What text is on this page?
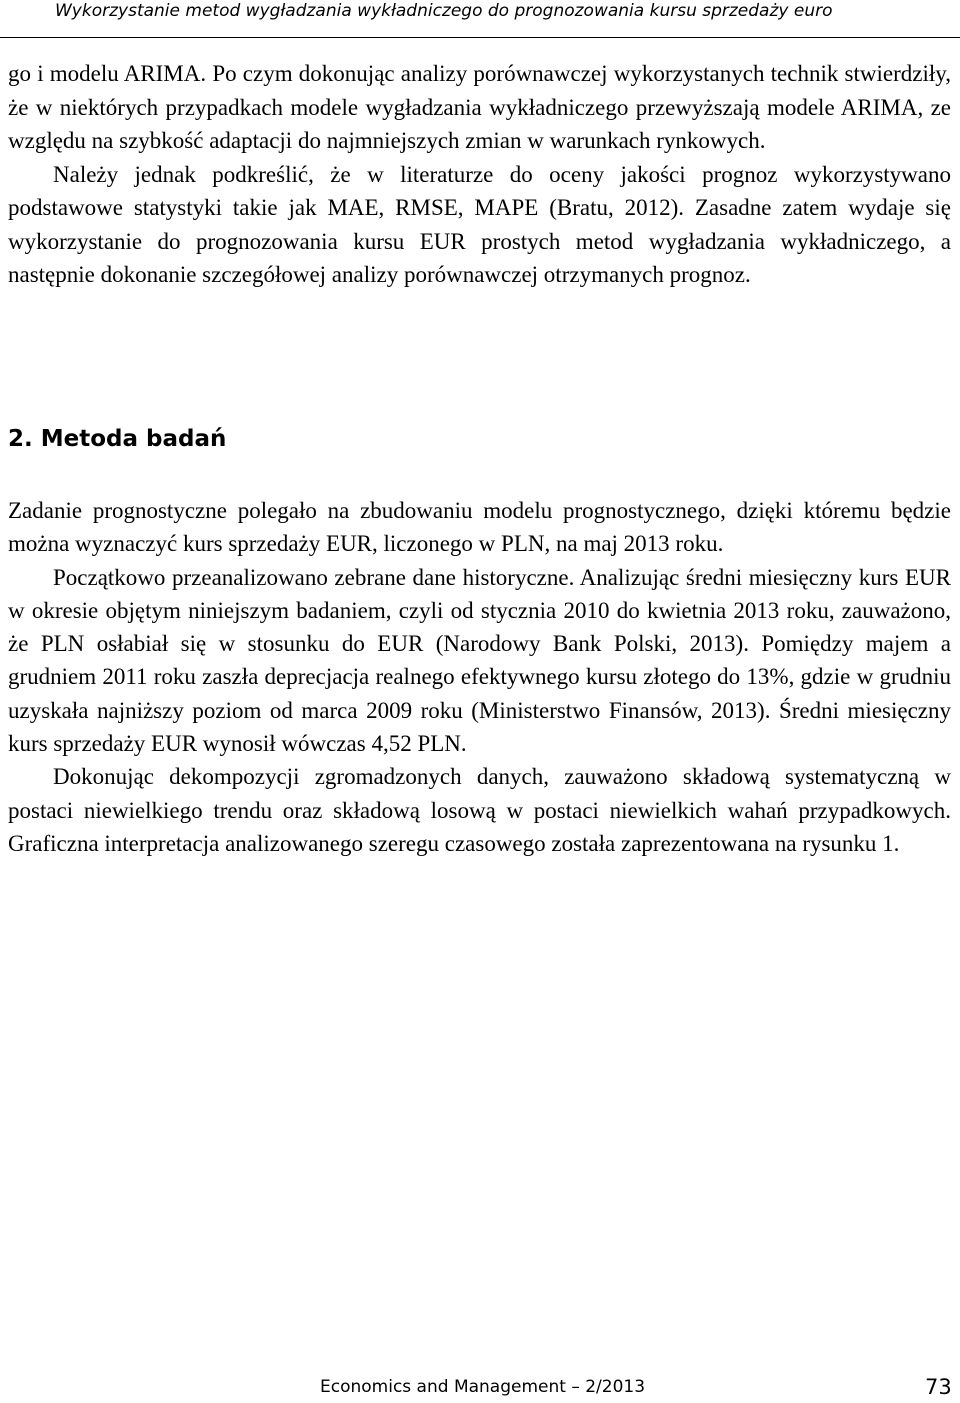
Wykorzystanie metod wygładzania wykładniczego do prognozowania kursu sprzedaży euro

go i modelu ARIMA. Po czym dokonując analizy porównawczej wykorzystanych technik stwierdziły, że w niektórych przypadkach modele wygładzania wykładniczego przewyższają modele ARIMA, ze względu na szybkość adaptacji do najmniejszych zmian w warunkach rynkowych.

Należy jednak podkreślić, że w literaturze do oceny jakości prognoz wykorzystywano podstawowe statystyki takie jak MAE, RMSE, MAPE (Bratu, 2012). Zasadne zatem wydaje się wykorzystanie do prognozowania kursu EUR prostych metod wygładzania wykładniczego, a następnie dokonanie szczegółowej analizy porównawczej otrzymanych prognoz.

2. Metoda badań

Zadanie prognostyczne polegało na zbudowaniu modelu prognostycznego, dzięki któremu będzie można wyznaczyć kurs sprzedaży EUR, liczonego w PLN, na maj 2013 roku.

Początkowo przeanalizowano zebrane dane historyczne. Analizując średni miesięczny kurs EUR w okresie objętym niniejszym badaniem, czyli od stycznia 2010 do kwietnia 2013 roku, zauważono, że PLN osłabiał się w stosunku do EUR (Narodowy Bank Polski, 2013). Pomiędzy majem a grudniem 2011 roku zaszła deprecjacja realnego efektywnego kursu złotego do 13%, gdzie w grudniu uzyskała najniższy poziom od marca 2009 roku (Ministerstwo Finansów, 2013). Średni miesięczny kurs sprzedaży EUR wynosił wówczas 4,52 PLN.

Dokonując dekompozycji zgromadzonych danych, zauważono składową systematyczną w postaci niewielkiego trendu oraz składową losową w postaci niewielkich wahań przypadkowych. Graficzna interpretacja analizowanego szeregu czasowego została zaprezentowana na rysunku 1.

Economics and Management – 2/2013	73
